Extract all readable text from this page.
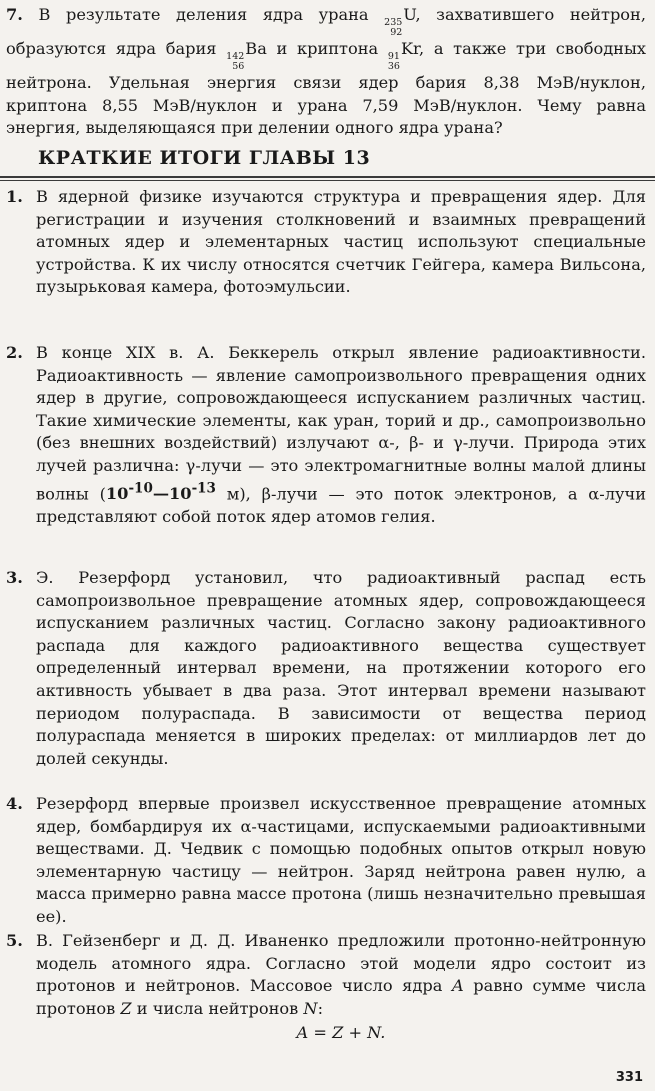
7. В результате деления ядра урана 235
92
U, захватившего нейтрон, образуются ядра бария 142
56
Ba и криптона 91
36
Kr, а также три свободных нейтрона. Удельная энергия связи ядер бария 8,38 МэВ/нуклон, криптона 8,55 МэВ/нуклон и урана 7,59 МэВ/нуклон. Чему равна энергия, выделяющаяся при делении одного ядра урана?
КРАТКИЕ ИТОГИ ГЛАВЫ 13
1. В ядерной физике изучаются структура и превращения ядер. Для регистрации и изучения столкновений и взаимных превращений атомных ядер и элементарных частиц используют специальные устройства. К их числу относятся счетчик Гейгера, камера Вильсона, пузырьковая камера, фотоэмульсии.
2. В конце XIX в. А. Беккерель открыл явление радиоактивности. Радиоактивность — явление самопроизвольного превращения одних ядер в другие, сопровождающееся испусканием различных частиц. Такие химические элементы, как уран, торий и др., самопроизвольно (без внешних воздействий) излучают α-, β- и γ-лучи. Природа этих лучей различна: γ-лучи — это электромагнитные волны малой длины волны ($10^{-10}—10^{-13}$ м), β-лучи — это поток электронов, а α-лучи представляют собой поток ядер атомов гелия.
3. Э. Резерфорд установил, что радиоактивный распад есть самопроизвольное превращение атомных ядер, сопровождающееся испусканием различных частиц. Согласно закону радиоактивного распада для каждого радиоактивного вещества существует определенный интервал времени, на протяжении которого его активность убывает в два раза. Этот интервал времени называют периодом полураспада. В зависимости от вещества период полураспада меняется в широких пределах: от миллиардов лет до долей секунды.
4. Резерфорд впервые произвел искусственное превращение атомных ядер, бомбардируя их α-частицами, испускаемыми радиоактивными веществами. Д. Чедвик с помощью подобных опытов открыл новую элементарную частицу — нейтрон. Заряд нейтрона равен нулю, а масса примерно равна массе протона (лишь незначительно превышая ее).
5. В. Гейзенберг и Д. Д. Иваненко предложили протонно-нейтронную модель атомного ядра. Согласно этой модели ядро состоит из протонов и нейтронов. Массовое число ядра A равно сумме числа протонов Z и числа нейтронов N:
A = Z + N.
331
